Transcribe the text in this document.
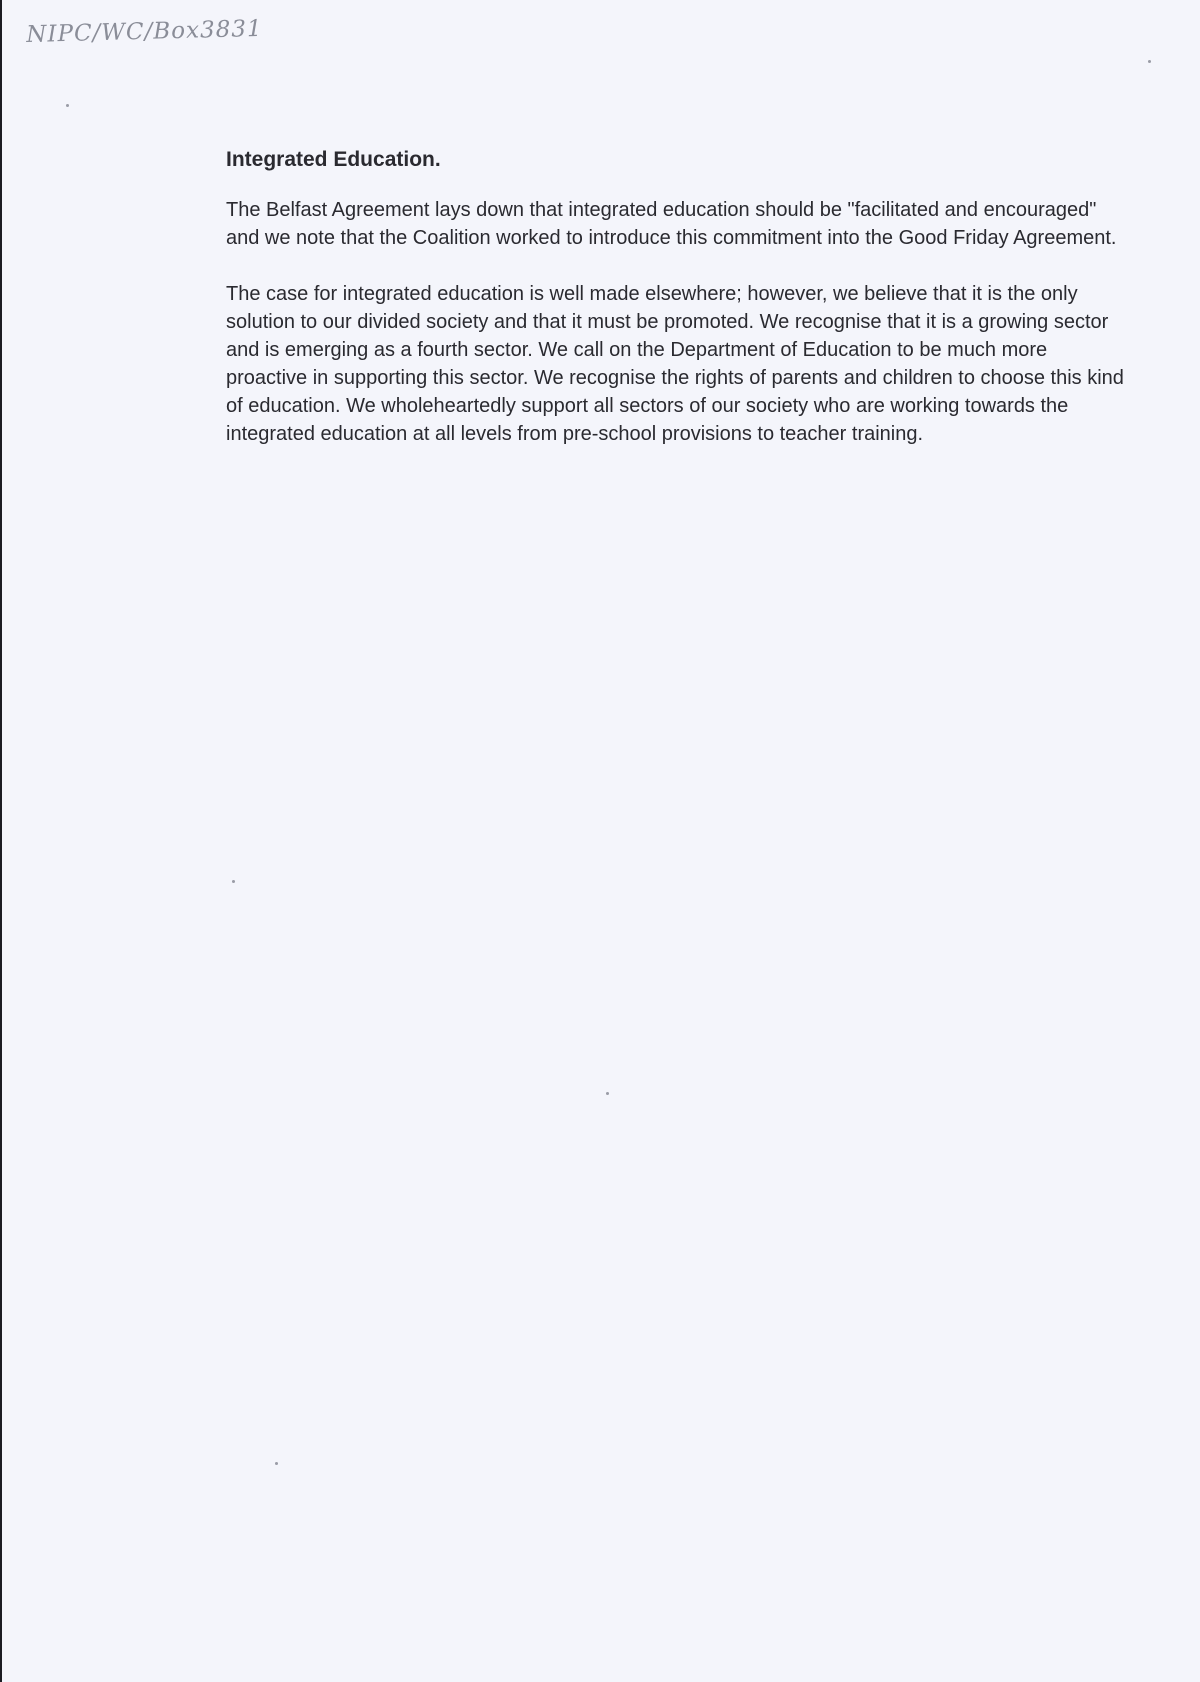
NIPC/WC/Box3831
Integrated Education.

The Belfast Agreement lays down that integrated education should be "facilitated and encouraged" and we note that the Coalition worked to introduce this commitment into the Good Friday Agreement.

The case for integrated education is well made elsewhere; however, we believe that it is the only solution to our divided society and that it must be promoted. We recognise that it is a growing sector and is emerging as a fourth sector. We call on the Department of Education to be much more proactive in supporting this sector. We recognise the rights of parents and children to choose this kind of education. We wholeheartedly support all sectors of our society who are working towards the integrated education at all levels from pre-school provisions to teacher training.
